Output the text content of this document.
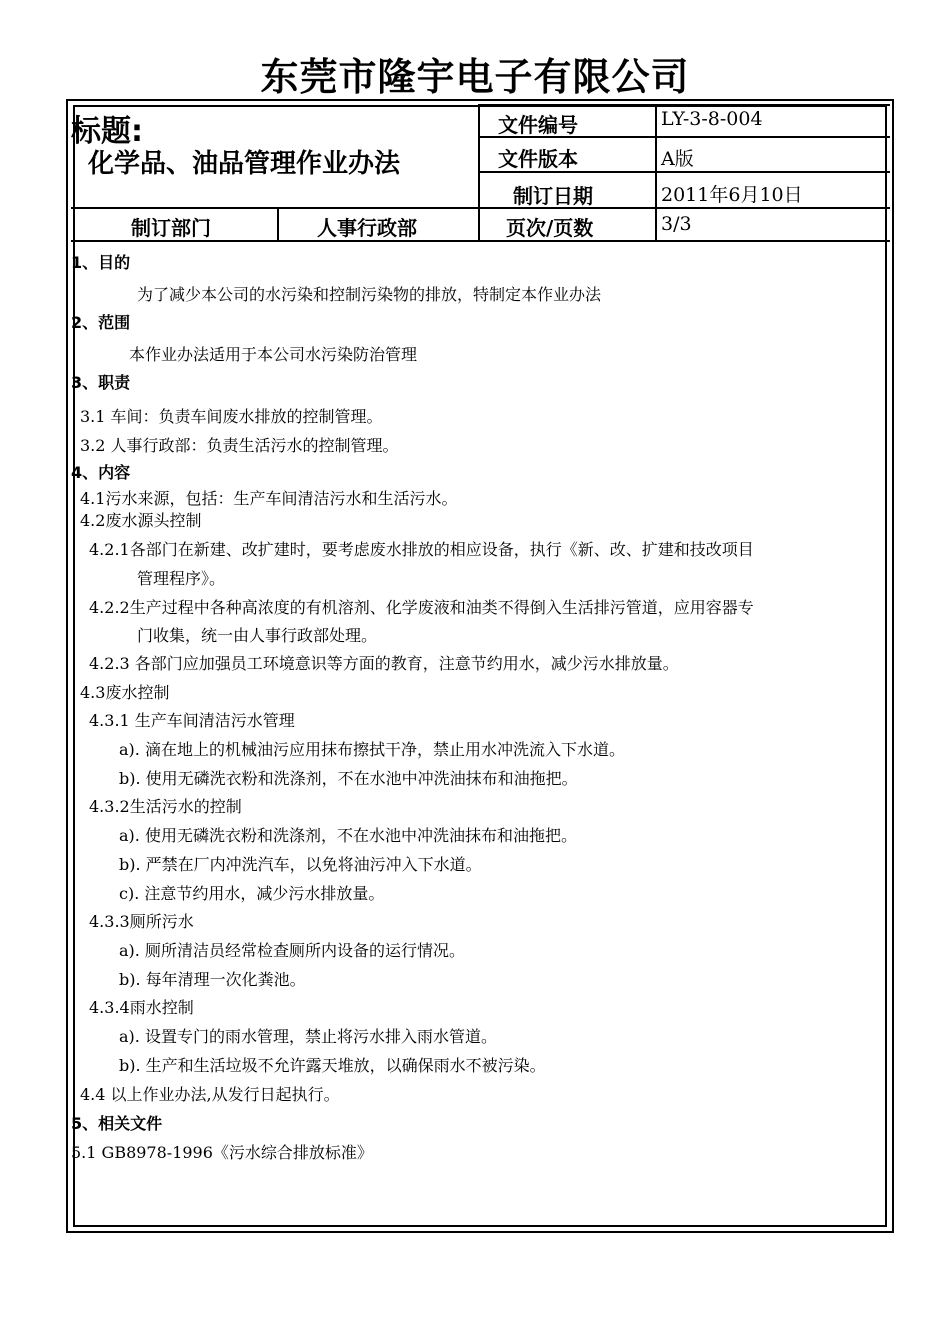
东莞市隆宇电子有限公司
标题:
化学品、油品管理作业办法
文件编号	LY-3-8-004
文件版本	A版
制订日期	2011年6月10日
制订部门	人事行政部	页次/页数	3/3
1、目的
为了减少本公司的水污染和控制污染物的排放，特制定本作业办法
2、范围
本作业办法适用于本公司水污染防治管理
3、职责
3.1 车间：负责车间废水排放的控制管理。
3.2 人事行政部：负责生活污水的控制管理。
4、内容
4.1污水来源，包括：生产车间清洁污水和生活污水。
4.2废水源头控制
4.2.1各部门在新建、改扩建时，要考虑废水排放的相应设备，执行《新、改、扩建和技改项目
管理程序》。
4.2.2生产过程中各种高浓度的有机溶剂、化学废液和油类不得倒入生活排污管道，应用容器专
门收集，统一由人事行政部处理。
4.2.3 各部门应加强员工环境意识等方面的教育，注意节约用水，减少污水排放量。
4.3废水控制
4.3.1 生产车间清洁污水管理
a). 滴在地上的机械油污应用抹布擦拭干净，禁止用水冲洗流入下水道。
b). 使用无磷洗衣粉和洗涤剂，不在水池中冲洗油抹布和油拖把。
4.3.2生活污水的控制
a). 使用无磷洗衣粉和洗涤剂，不在水池中冲洗油抹布和油拖把。
b). 严禁在厂内冲洗汽车，以免将油污冲入下水道。
c). 注意节约用水，减少污水排放量。
4.3.3厕所污水
a). 厕所清洁员经常检查厕所内设备的运行情况。
b). 每年清理一次化粪池。
4.3.4雨水控制
a). 设置专门的雨水管理，禁止将污水排入雨水管道。
b). 生产和生活垃圾不允许露天堆放，以确保雨水不被污染。
4.4 以上作业办法,从发行日起执行。
5、相关文件
5.1 GB8978-1996《污水综合排放标准》
